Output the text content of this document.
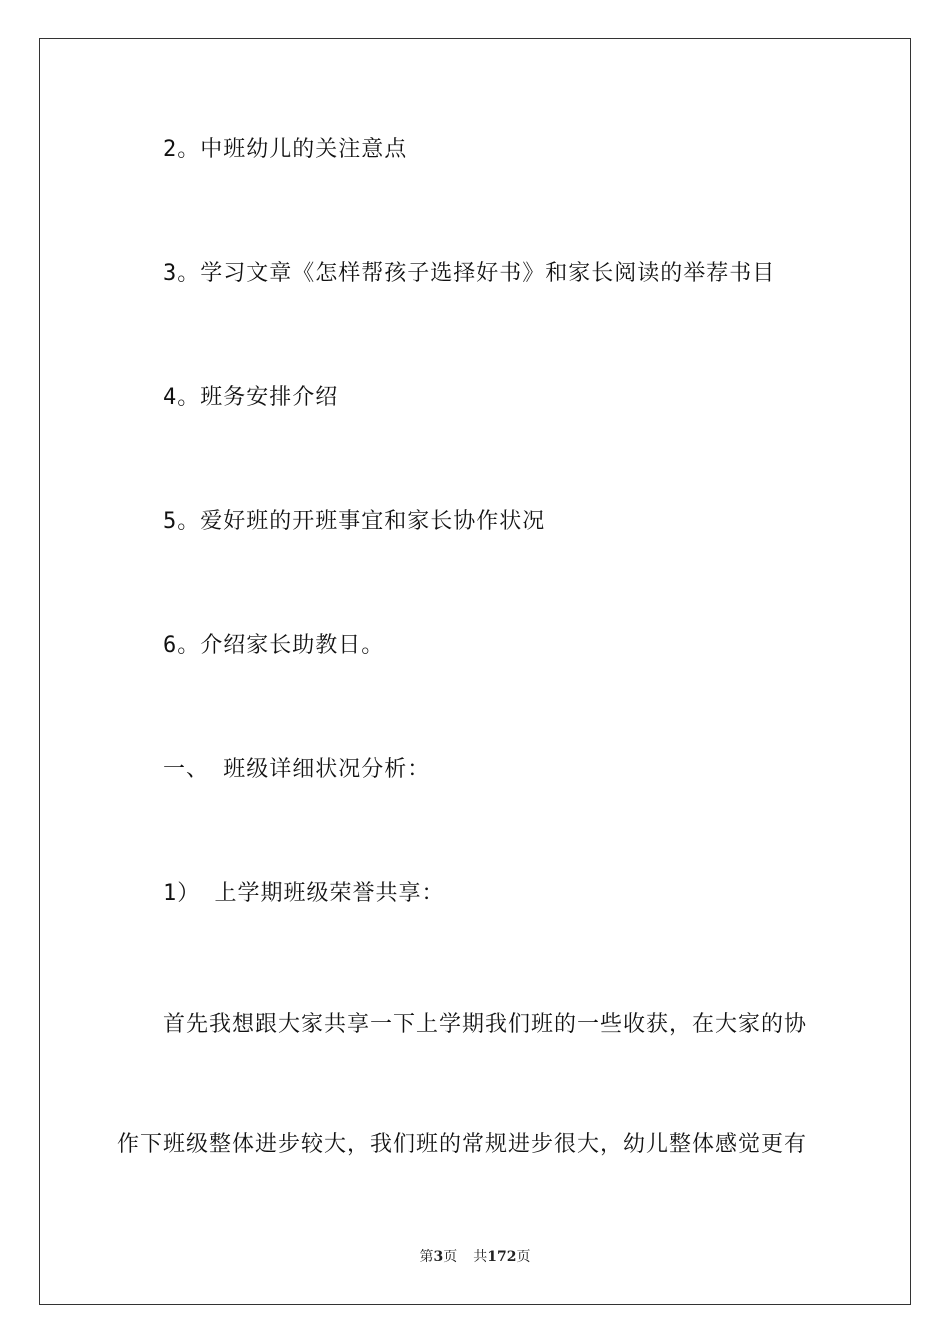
2。中班幼儿的关注意点
3。学习文章《怎样帮孩子选择好书》和家长阅读的举荐书目
4。班务安排介绍
5。爱好班的开班事宜和家长协作状况
6。介绍家长助教日。
一、 班级详细状况分析：
1） 上学期班级荣誉共享：
首先我想跟大家共享一下上学期我们班的一些收获，在大家的协
作下班级整体进步较大，我们班的常规进步很大，幼儿整体感觉更有
第3页 共172页
